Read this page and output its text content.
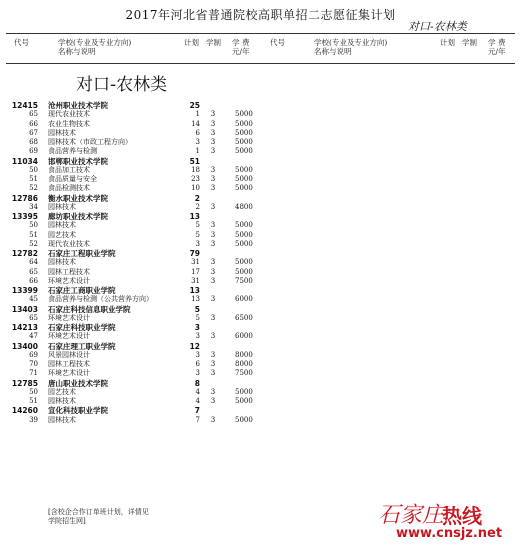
2017年河北省普通院校高职单招二志愿征集计划
对口-农林类
代号	学校(专业及专业方向)
名称与说明
计划 学制 学 费
元/年
代号	学校(专业及专业方向)
名称与说明
计划 学制 学 费
元/年
对口-农林类
12415 沧州职业技术学院	25
65 现代农业技术	1 3	5000
66 农业生物技术	14 3	5000
67 园林技术	6 3	5000
68 园林技术（市政工程方向）	3 3	5000
69 食品营养与检测	1 3	5000
11034 邯郸职业技术学院	51
50 食品加工技术	18 3	5000
51 食品质量与安全	23 3	5000
52 食品检测技术	10 3	5000
12786 衡水职业技术学院	2
34 园林技术	2 3	4800
13395 廊坊职业技术学院	13
50 园林技术	5 3	5000
51 园艺技术	5 3	5000
52 现代农业技术	3 3	5000
12782 石家庄工程职业学院	79
64 园林技术	31 3	5000
65 园林工程技术	17 3	5000
66 环境艺术设计	31 3	7500
13399 石家庄工商职业学院	13
45 食品营养与检测（公共营养方向）	13 3	6000
13403 石家庄科技信息职业学院	5
65 环境艺术设计	5 3	6500
14213 石家庄科技职业学院	3
47 环境艺术设计	3 3	6000
13400 石家庄理工职业学院	12
69 风景园林设计	3 3	8000
70 园林工程技术	6 3	8000
71 环境艺术设计	3 3	7500
12785 唐山职业技术学院	8
50 园艺技术	4 3	5000
51 园林技术	4 3	5000
14260 宣化科技职业学院	7
39 园林技术	7 3	5000
[含校企合作订单班计划，详情见
学院招生网]	石家庄
热线
www.cnsjz.net
